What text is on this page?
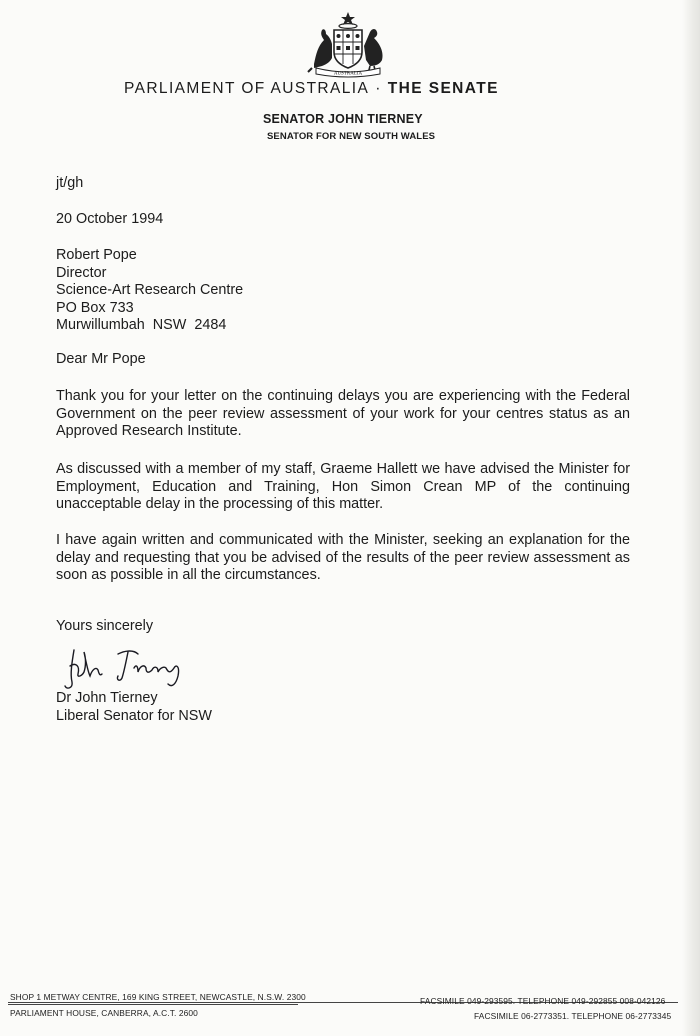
AUSTRALIA
PARLIAMENT OF AUSTRALIA · THE SENATE
SENATOR JOHN TIERNEY
SENATOR FOR NEW SOUTH WALES
jt/gh
20 October 1994
Robert Pope
Director
Science-Art Research Centre
PO Box 733
Murwillumbah  NSW  2484
Dear Mr Pope
Thank you for your letter on the continuing delays you are experiencing with the Federal Government on the peer review assessment of your work for your centres status as an Approved Research Institute.
As discussed with a member of my staff, Graeme Hallett we have advised the Minister for Employment, Education and Training, Hon Simon Crean MP of the continuing unacceptable delay in the processing of this matter.
I have again written and communicated with the Minister, seeking an explanation for the delay and requesting that you be advised of the results of the peer review assessment as soon as possible in all the circumstances.
Yours sincerely
Dr John Tierney
Liberal Senator for NSW
SHOP 1 METWAY CENTRE, 169 KING STREET, NEWCASTLE, N.S.W. 2300	FACSIMILE 049-293595. TELEPHONE 049-292855 008-042126
PARLIAMENT HOUSE, CANBERRA, A.C.T. 2600	FACSIMILE 06-2773351. TELEPHONE 06-2773345
